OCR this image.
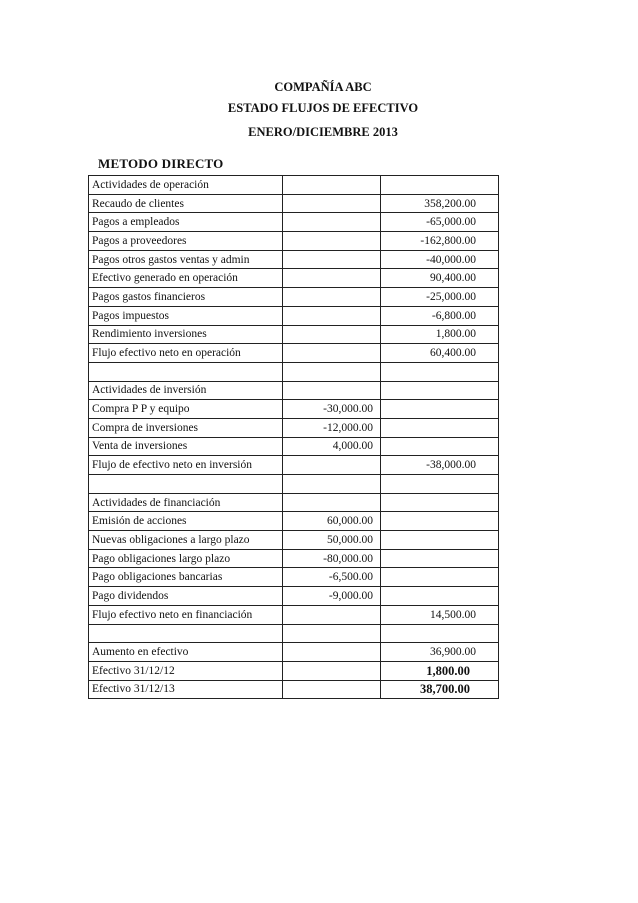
COMPAÑÍA ABC
ESTADO FLUJOS DE EFECTIVO
ENERO/DICIEMBRE 2013
METODO DIRECTO
Actividades de operación		
Recaudo de clientes		358,200.00
Pagos a empleados		-65,000.00
Pagos a proveedores		-162,800.00
Pagos otros gastos ventas y admin		-40,000.00
Efectivo generado en operación		90,400.00
Pagos gastos financieros		-25,000.00
Pagos impuestos		-6,800.00
Rendimiento inversiones		1,800.00
Flujo efectivo neto en operación		60,400.00

Actividades de inversión		
Compra P P y equipo	-30,000.00	
Compra de inversiones	-12,000.00	
Venta de inversiones	4,000.00	
Flujo de efectivo neto en inversión		-38,000.00

Actividades de financiación		
Emisión de acciones	60,000.00	
Nuevas obligaciones a largo plazo	50,000.00	
Pago obligaciones largo plazo	-80,000.00	
Pago obligaciones bancarias	-6,500.00	
Pago dividendos	-9,000.00	
Flujo efectivo neto en financiación		14,500.00

Aumento en efectivo		36,900.00
Efectivo 31/12/12		1,800.00
Efectivo 31/12/13		38,700.00
